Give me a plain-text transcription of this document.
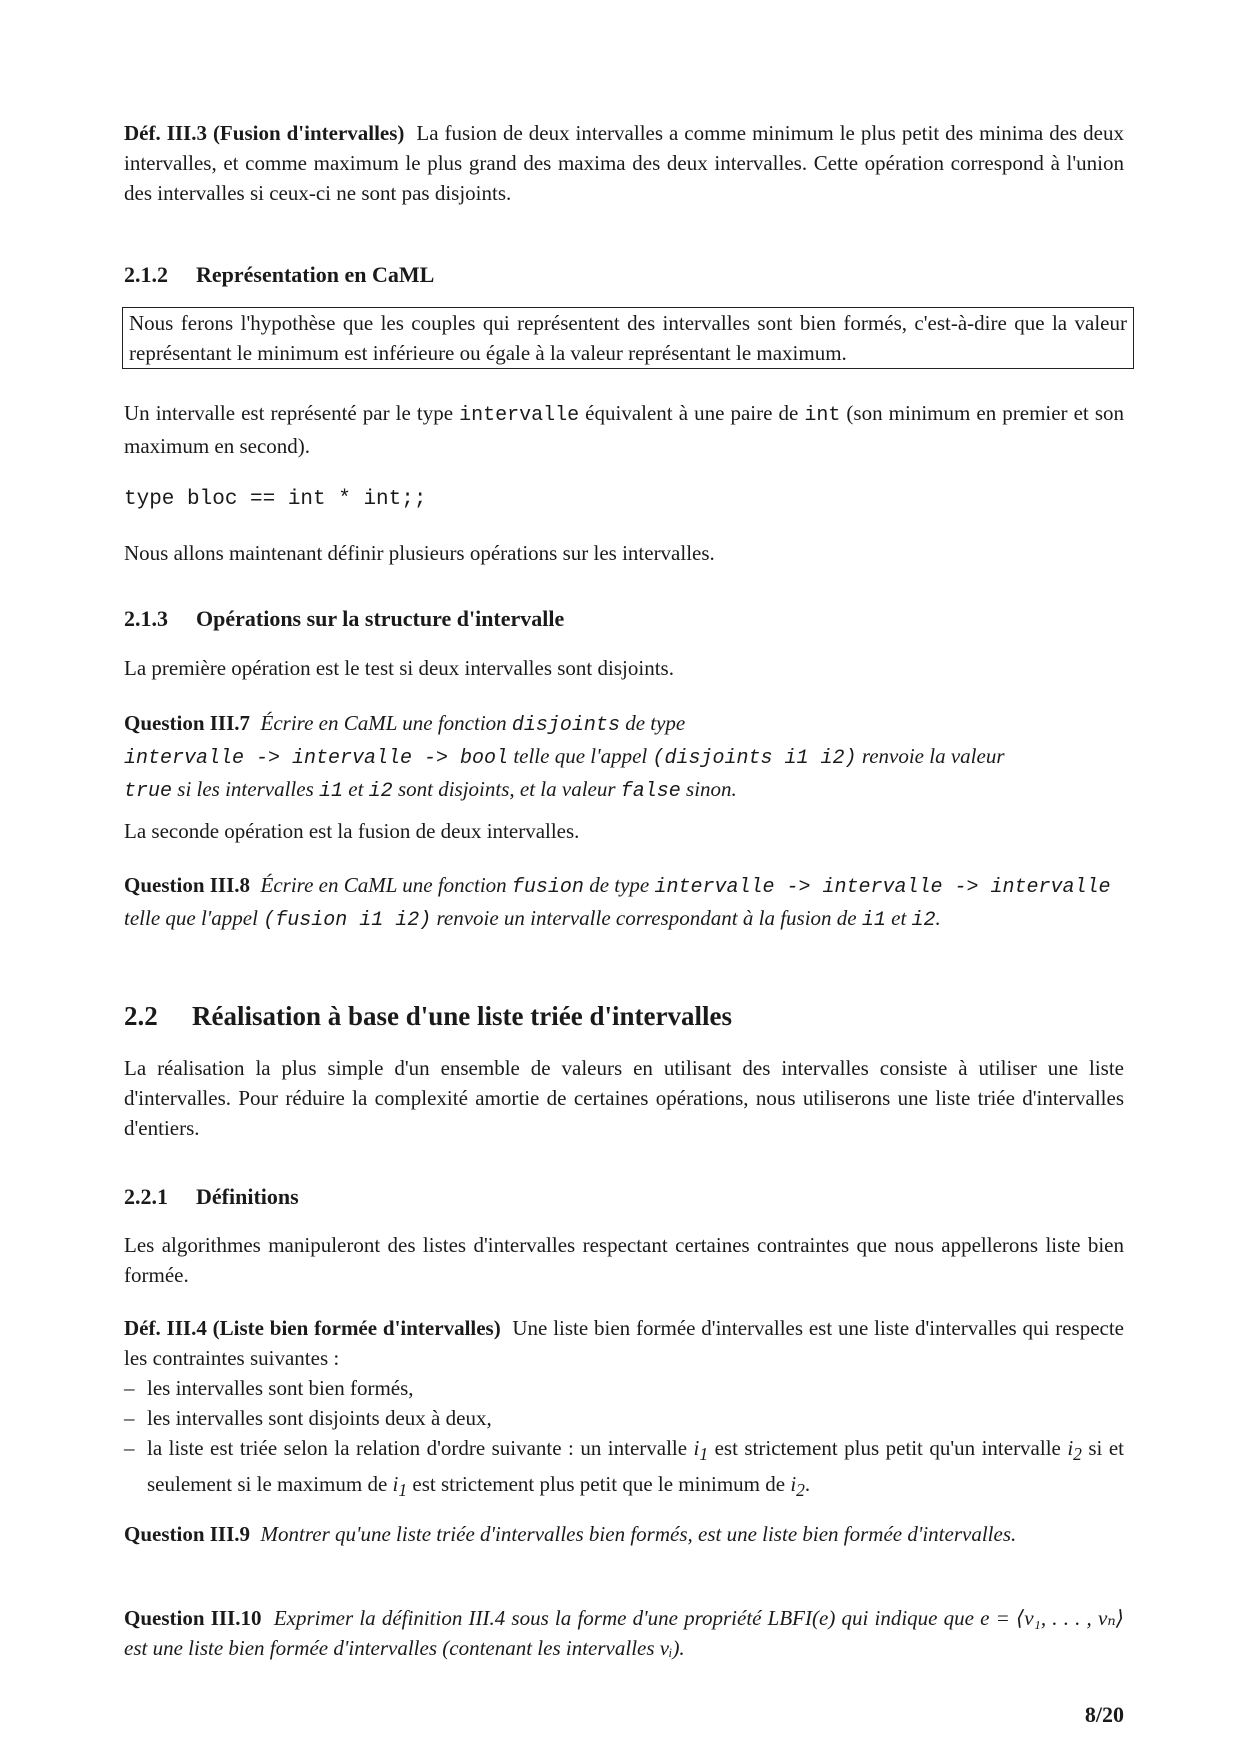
Déf. III.3 (Fusion d'intervalles) La fusion de deux intervalles a comme minimum le plus petit des minima des deux intervalles, et comme maximum le plus grand des maxima des deux intervalles. Cette opération correspond à l'union des intervalles si ceux-ci ne sont pas disjoints.

2.1.2 Représentation en CaML
Nous ferons l'hypothèse que les couples qui représentent des intervalles sont bien formés, c'est-à-dire que la valeur représentant le minimum est inférieure ou égale à la valeur représentant le maximum.

Un intervalle est représenté par le type intervalle équivalent à une paire de int (son minimum en premier et son maximum en second).

type bloc == int * int;;

Nous allons maintenant définir plusieurs opérations sur les intervalles.

2.1.3 Opérations sur la structure d'intervalle

La première opération est le test si deux intervalles sont disjoints.

Question III.7 Écrire en CaML une fonction disjoints de type
intervalle -> intervalle -> bool telle que l'appel (disjoints i1 i2) renvoie la valeur
true si les intervalles i1 et i2 sont disjoints, et la valeur false sinon.

La seconde opération est la fusion de deux intervalles.

Question III.8 Écrire en CaML une fonction fusion de type intervalle -> intervalle -> intervalle telle que l'appel (fusion i1 i2) renvoie un intervalle correspondant à la fusion de i1 et i2.

2.2 Réalisation à base d'une liste triée d'intervalles

La réalisation la plus simple d'un ensemble de valeurs en utilisant des intervalles consiste à utiliser une liste d'intervalles. Pour réduire la complexité amortie de certaines opérations, nous utiliserons une liste triée d'intervalles d'entiers.

2.2.1 Définitions

Les algorithmes manipuleront des listes d'intervalles respectant certaines contraintes que nous appellerons liste bien formée.

Déf. III.4 (Liste bien formée d'intervalles) Une liste bien formée d'intervalles est une liste d'intervalles qui respecte les contraintes suivantes :
– les intervalles sont bien formés,
– les intervalles sont disjoints deux à deux,
– la liste est triée selon la relation d'ordre suivante : un intervalle $i_1$ est strictement plus petit qu'un intervalle $i_2$ si et seulement si le maximum de $i_1$ est strictement plus petit que le minimum de $i_2$.

Question III.9 Montrer qu'une liste triée d'intervalles bien formés, est une liste bien formée d'intervalles.

Question III.10 Exprimer la définition III.4 sous la forme d'une propriété LBFI(e) qui indique que e = ⟨v₁, . . . , vₙ⟩ est une liste bien formée d'intervalles (contenant les intervalles vᵢ).

8/20
